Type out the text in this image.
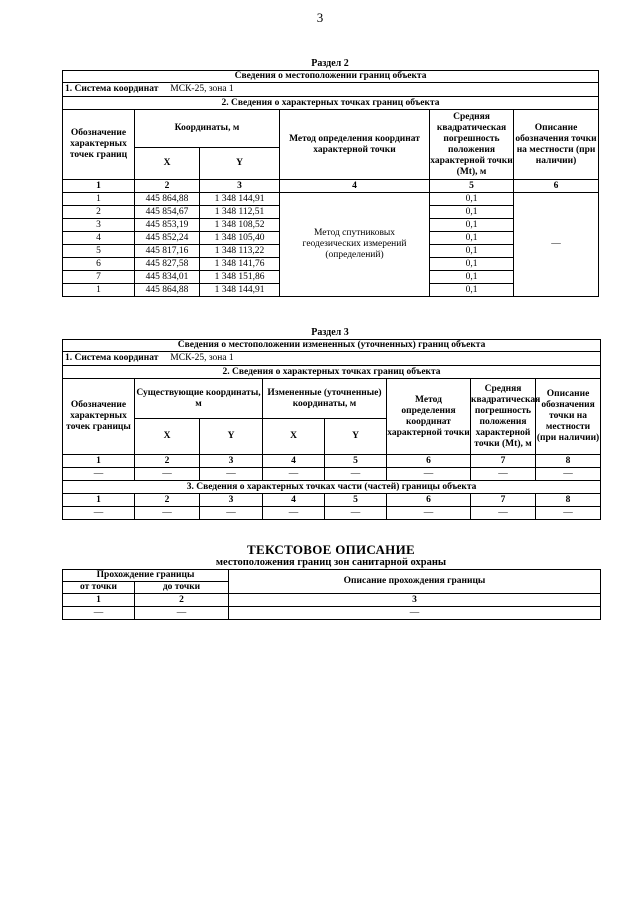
3
Раздел 2
Сведения о местоположении границ объекта					
1. Система координат МСК-25, зона 1					
2. Сведения о характерных точках границ объекта					
Обозначение характерных точек границ	Координаты, м		Метод определения координат характерной точки	Средняя квадратическая погрешность положения характерной точки (Mt), м	Описание обозначения точки на местности (при наличии)
	X	Y			
1	2	3	4	5	6
1	445 864,88	1 348 144,91	Метод спутниковых геодезических измерений (определений)	0,1	—
2	445 854,67	1 348 112,51		0,1	
3	445 853,19	1 348 108,52		0,1	
4	445 852,24	1 348 105,40		0,1	
5	445 817,16	1 348 113,22		0,1	
6	445 827,58	1 348 141,76		0,1	
7	445 834,01	1 348 151,86		0,1	
1	445 864,88	1 348 144,91		0,1	
Раздел 3
Сведения о местоположении измененных (уточненных) границ объекта							
1. Система координат МСК-25, зона 1							
2. Сведения о характерных точках границ объекта							
Обозначение характерных точек границы	Существующие координаты, м		Измененные (уточненные) координаты, м		Метод определения координат характерной точки	Средняя квадратическая погрешность положения характерной точки (Mt), м	Описание обозначения точки на местности (при наличии)
	X	Y	X	Y			
1	2	3	4	5	6	7	8
—	—	—	—	—	—	—	—
3. Сведения о характерных точках части (частей) границы объекта							
1	2	3	4	5	6	7	8
—	—	—	—	—	—	—	—
ТЕКСТОВОЕ ОПИСАНИЕ
местоположения границ зон санитарной охраны
Прохождение границы		Описание прохождения границы
от точки	до точки	
1	2	3
—	—	—
